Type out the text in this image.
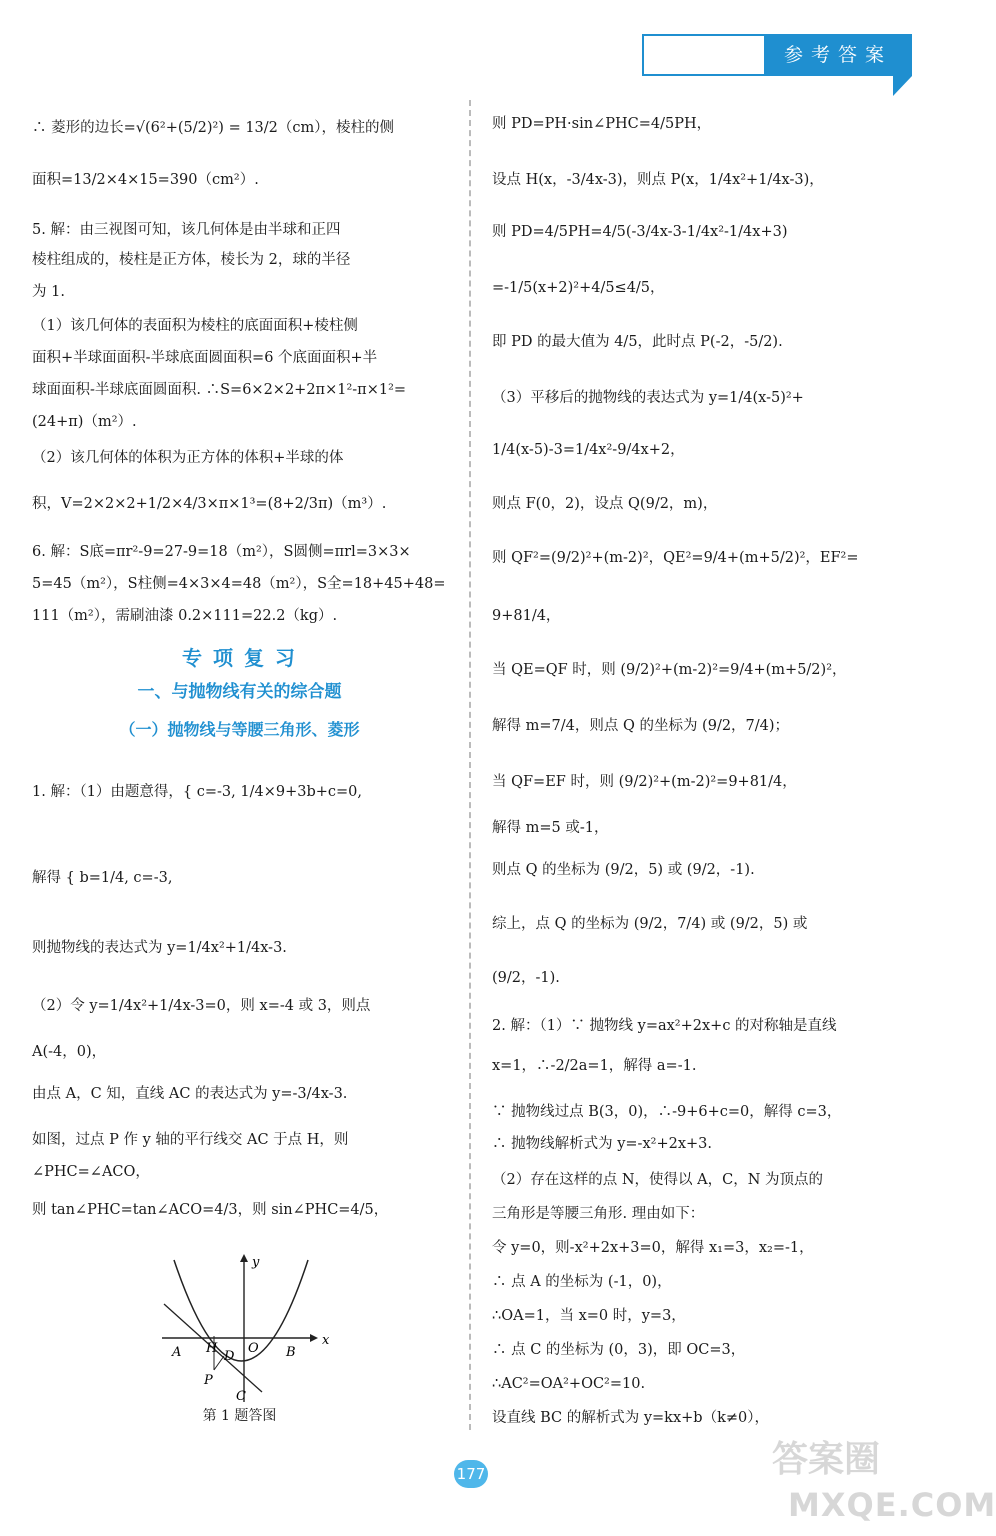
参考答案
∴ 菱形的边长=√(6²+(5/2)²) = 13/2（cm），棱柱的侧
面积=13/2×4×15=390（cm²）.
5. 解：由三视图可知，该几何体是由半球和正四
棱柱组成的，棱柱是正方体，棱长为 2，球的半径
为 1.
（1）该几何体的表面积为棱柱的底面面积+棱柱侧
面积+半球面面积-半球底面圆面积=6 个底面面积+半
球面面积-半球底面圆面积. ∴S=6×2×2+2π×1²-π×1²=
(24+π)（m²）.
（2）该几何体的体积为正方体的体积+半球的体
积，V=2×2×2+1/2×4/3×π×1³=(8+2/3π)（m³）.
6. 解：S底=πr²-9=27-9=18（m²），S圆侧=πrl=3×3×
5=45（m²），S柱侧=4×3×4=48（m²），S全=18+45+48=
111（m²），需刷油漆 0.2×111=22.2（kg）.
专 项 复 习
一、与抛物线有关的综合题
（一）抛物线与等腰三角形、菱形
1. 解：（1）由题意得，{ c=-3, 1/4×9+3b+c=0,
解得 { b=1/4, c=-3,
则抛物线的表达式为 y=1/4x²+1/4x-3.
（2）令 y=1/4x²+1/4x-3=0，则 x=-4 或 3，则点
A(-4，0)，
由点 A，C 知，直线 AC 的表达式为 y=-3/4x-3.
如图，过点 P 作 y 轴的平行线交 AC 于点 H，则
∠PHC=∠ACO，
则 tan∠PHC=tan∠ACO=4/3，则 sin∠PHC=4/5，
y
x
O
A	B
H
D
P
C
第 1 题答图
则 PD=PH·sin∠PHC=4/5PH，
设点 H(x，-3/4x-3)，则点 P(x，1/4x²+1/4x-3)，
则 PD=4/5PH=4/5(-3/4x-3-1/4x²-1/4x+3)
=-1/5(x+2)²+4/5≤4/5，
即 PD 的最大值为 4/5，此时点 P(-2，-5/2).
（3）平移后的抛物线的表达式为 y=1/4(x-5)²+
1/4(x-5)-3=1/4x²-9/4x+2，
则点 F(0，2)，设点 Q(9/2，m)，
则 QF²=(9/2)²+(m-2)²，QE²=9/4+(m+5/2)²，EF²=
9+81/4，
当 QE=QF 时，则 (9/2)²+(m-2)²=9/4+(m+5/2)²，
解得 m=7/4，则点 Q 的坐标为 (9/2，7/4)；
当 QF=EF 时，则 (9/2)²+(m-2)²=9+81/4，
解得 m=5 或-1，
则点 Q 的坐标为 (9/2，5) 或 (9/2，-1).
综上，点 Q 的坐标为 (9/2，7/4) 或 (9/2，5) 或
(9/2，-1).
2. 解：（1）∵ 抛物线 y=ax²+2x+c 的对称轴是直线
x=1，∴-2/2a=1，解得 a=-1.
∵ 抛物线过点 B(3，0)，∴-9+6+c=0，解得 c=3，
∴ 抛物线解析式为 y=-x²+2x+3.
（2）存在这样的点 N，使得以 A，C，N 为顶点的
三角形是等腰三角形. 理由如下：
令 y=0，则-x²+2x+3=0，解得 x₁=3，x₂=-1，
∴ 点 A 的坐标为 (-1，0)，
∴OA=1，当 x=0 时，y=3，
∴ 点 C 的坐标为 (0，3)，即 OC=3，
∴AC²=OA²+OC²=10.
设直线 BC 的解析式为 y=kx+b（k≠0），
177	答案圈
MXQE.COM
